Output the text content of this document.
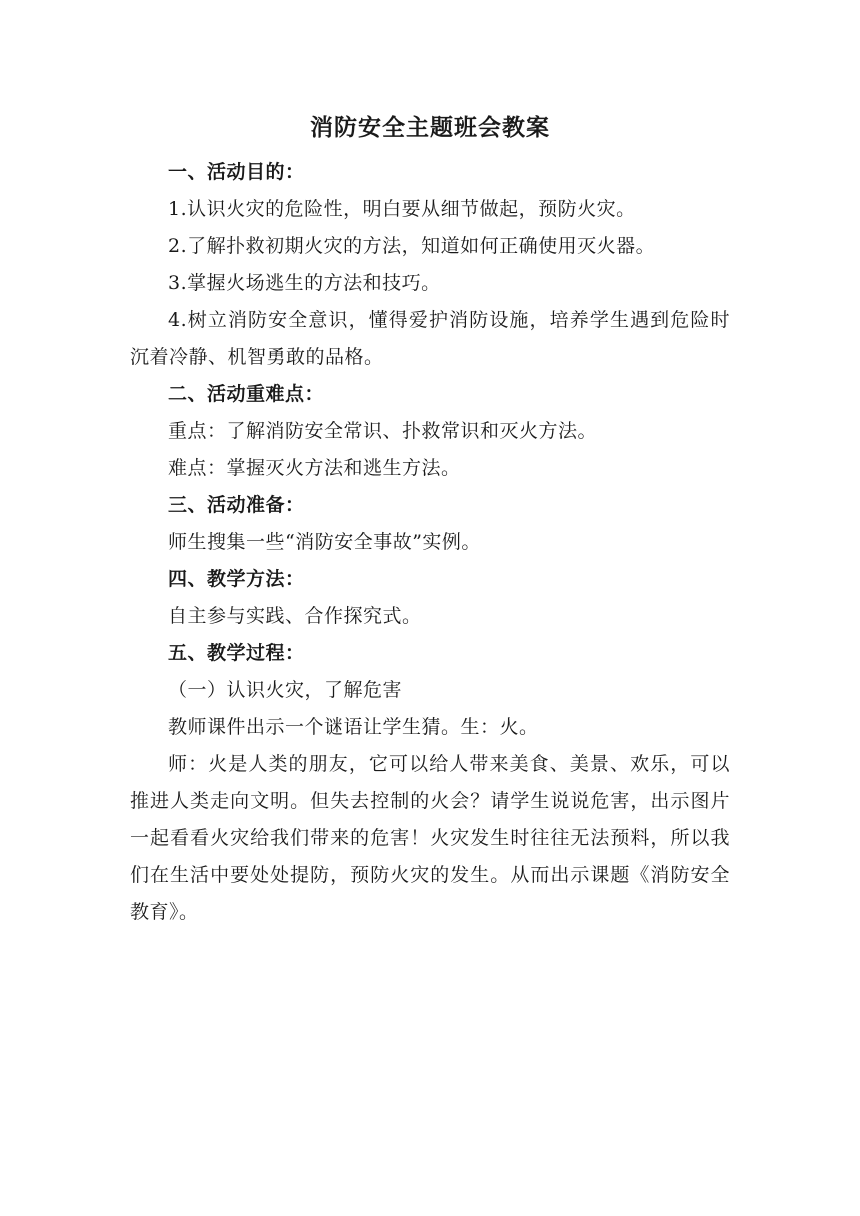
消防安全主题班会教案

一、活动目的：

1.认识火灾的危险性，明白要从细节做起，预防火灾。

2.了解扑救初期火灾的方法，知道如何正确使用灭火器。

3.掌握火场逃生的方法和技巧。

4.树立消防安全意识，懂得爱护消防设施，培养学生遇到危险时沉着冷静、机智勇敢的品格。

二、活动重难点：

重点：了解消防安全常识、扑救常识和灭火方法。

难点：掌握灭火方法和逃生方法。

三、活动准备：

师生搜集一些“消防安全事故”实例。

四、教学方法：

自主参与实践、合作探究式。

五、教学过程：

（一）认识火灾，了解危害

教师课件出示一个谜语让学生猜。生：火。

师：火是人类的朋友，它可以给人带来美食、美景、欢乐，可以推进人类走向文明。但失去控制的火会？请学生说说危害，出示图片一起看看火灾给我们带来的危害！火灾发生时往往无法预料，所以我们在生活中要处处提防，预防火灾的发生。从而出示课题《消防安全教育》。
